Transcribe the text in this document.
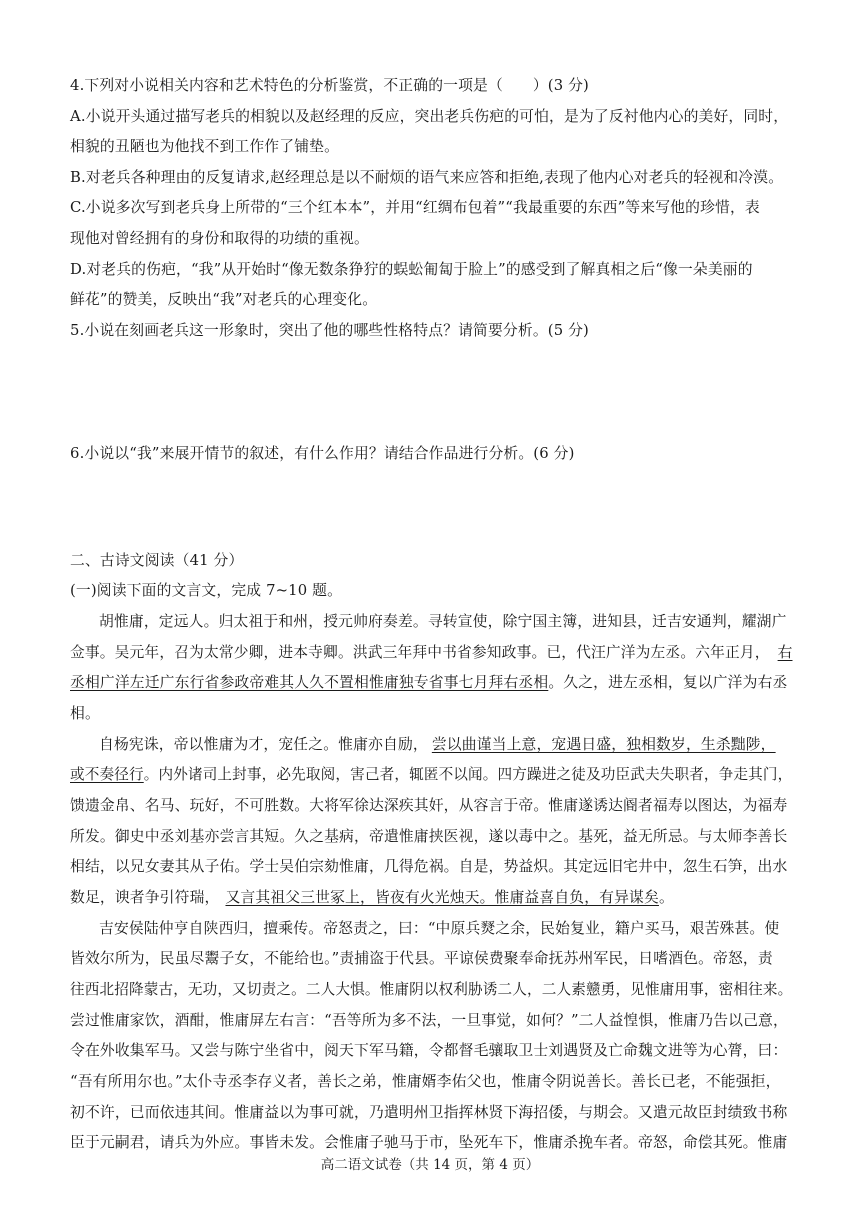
4.下列对小说相关内容和艺术特色的分析鉴赏，不正确的一项是（　　）(3 分)
A.小说开头通过描写老兵的相貌以及赵经理的反应，突出老兵伤疤的可怕，是为了反衬他内心的美好，同时，
相貌的丑陋也为他找不到工作作了铺垫。
B.对老兵各种理由的反复请求,赵经理总是以不耐烦的语气来应答和拒绝,表现了他内心对老兵的轻视和冷漠。
C.小说多次写到老兵身上所带的“三个红本本”，并用“红绸布包着”“我最重要的东西”等来写他的珍惜，表
现他对曾经拥有的身份和取得的功绩的重视。
D.对老兵的伤疤，“我”从开始时“像无数条狰狞的蜈蚣匍匐于脸上”的感受到了解真相之后“像一朵美丽的
鲜花”的赞美，反映出“我”对老兵的心理变化。
5.小说在刻画老兵这一形象时，突出了他的哪些性格特点？请简要分析。(5 分)
6.小说以“我”来展开情节的叙述，有什么作用？请结合作品进行分析。(6 分)
二、古诗文阅读（41 分）
(一)阅读下面的文言文，完成 7~10 题。
胡惟庸，定远人。归太祖于和州，授元帅府奏差。寻转宣使，除宁国主簿，进知县，迁吉安通判，耀湖广
佥事。吴元年，召为太常少卿，进本寺卿。洪武三年拜中书省参知政事。已，代汪广洋为左丞。六年正月， 右
丞相广洋左迁广东行省参政帝难其人久不置相惟庸独专省事七月拜右丞相。久之，进左丞相，复以广洋为右丞
相。
自杨宪诛，帝以惟庸为才，宠任之。惟庸亦自励， 尝以曲谨当上意，宠遇日盛，独相数岁，生杀黜陟，
或不奏径行。内外诸司上封事，必先取阅，害己者，辄匿不以闻。四方躁进之徒及功臣武夫失职者，争走其门，
馈遗金帛、名马、玩好，不可胜数。大将军徐达深疾其奸，从容言于帝。惟庸遂诱达阍者福寿以图达，为福寿
所发。御史中丞刘基亦尝言其短。久之基病，帝遣惟庸挟医视，遂以毒中之。基死，益无所忌。与太师李善长
相结，以兄女妻其从子佑。学士吴伯宗劾惟庸，几得危祸。自是，势益炽。其定远旧宅井中，忽生石笋，出水
数足，谀者争引符瑞， 又言其祖父三世冢上，皆夜有火光烛天。惟庸益喜自负，有异谋矣。
吉安侯陆仲亨自陕西归，擅乘传。帝怒责之，曰：“中原兵燹之余，民始复业，籍户买马，艰苦殊甚。使
皆效尔所为，民虽尽鬻子女，不能给也。”责捕盗于代县。平谅侯费聚奉命抚苏州军民，日嗜酒色。帝怒，责
往西北招降蒙古，无功，又切责之。二人大惧。惟庸阴以权利胁诱二人，二人素戆勇，见惟庸用事，密相往来。
尝过惟庸家饮，酒酣，惟庸屏左右言：“吾等所为多不法，一旦事觉，如何？”二人益惶惧，惟庸乃告以己意，
令在外收集军马。又尝与陈宁坐省中，阅天下军马籍，令都督毛骧取卫士刘遇贤及亡命魏文进等为心膂，曰：
“吾有所用尔也。”太仆寺丞李存义者，善长之弟，惟庸婿李佑父也，惟庸令阴说善长。善长已老，不能强拒，
初不许，已而依违其间。惟庸益以为事可就，乃遣明州卫指挥林贤下海招倭，与期会。又遣元故臣封绩致书称
臣于元嗣君，请兵为外应。事皆未发。会惟庸子驰马于市，坠死车下，惟庸杀挽车者。帝怒，命偿其死。惟庸
高二语文试卷（共 14 页，第 4 页）
